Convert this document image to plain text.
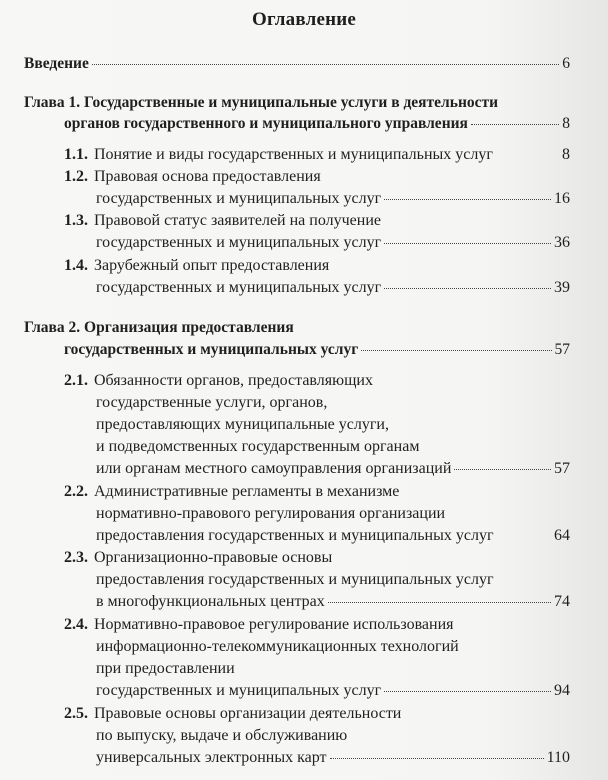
Оглавление
Введение	6
Глава 1. Государственные и муниципальные услуги в деятельности
органов государственного и муниципального управления	8
1.1. Понятие и виды государственных и муниципальных услуг	8
1.2. Правовая основа предоставления
государственных и муниципальных услуг	16
1.3. Правовой статус заявителей на получение
государственных и муниципальных услуг	36
1.4. Зарубежный опыт предоставления
государственных и муниципальных услуг	39
Глава 2. Организация предоставления
государственных и муниципальных услуг	57
2.1. Обязанности органов, предоставляющих
государственные услуги, органов,
предоставляющих муниципальные услуги,
и подведомственных государственным органам
или органам местного самоуправления организаций	57
2.2. Административные регламенты в механизме
нормативно-правового регулирования организации
предоставления государственных и муниципальных услуг	64
2.3. Организационно-правовые основы
предоставления государственных и муниципальных услуг
в многофункциональных центрах	74
2.4. Нормативно-правовое регулирование использования
информационно-телекоммуникационных технологий
при предоставлении
государственных и муниципальных услуг	94
2.5. Правовые основы организации деятельности
по выпуску, выдаче и обслуживанию
универсальных электронных карт	110
